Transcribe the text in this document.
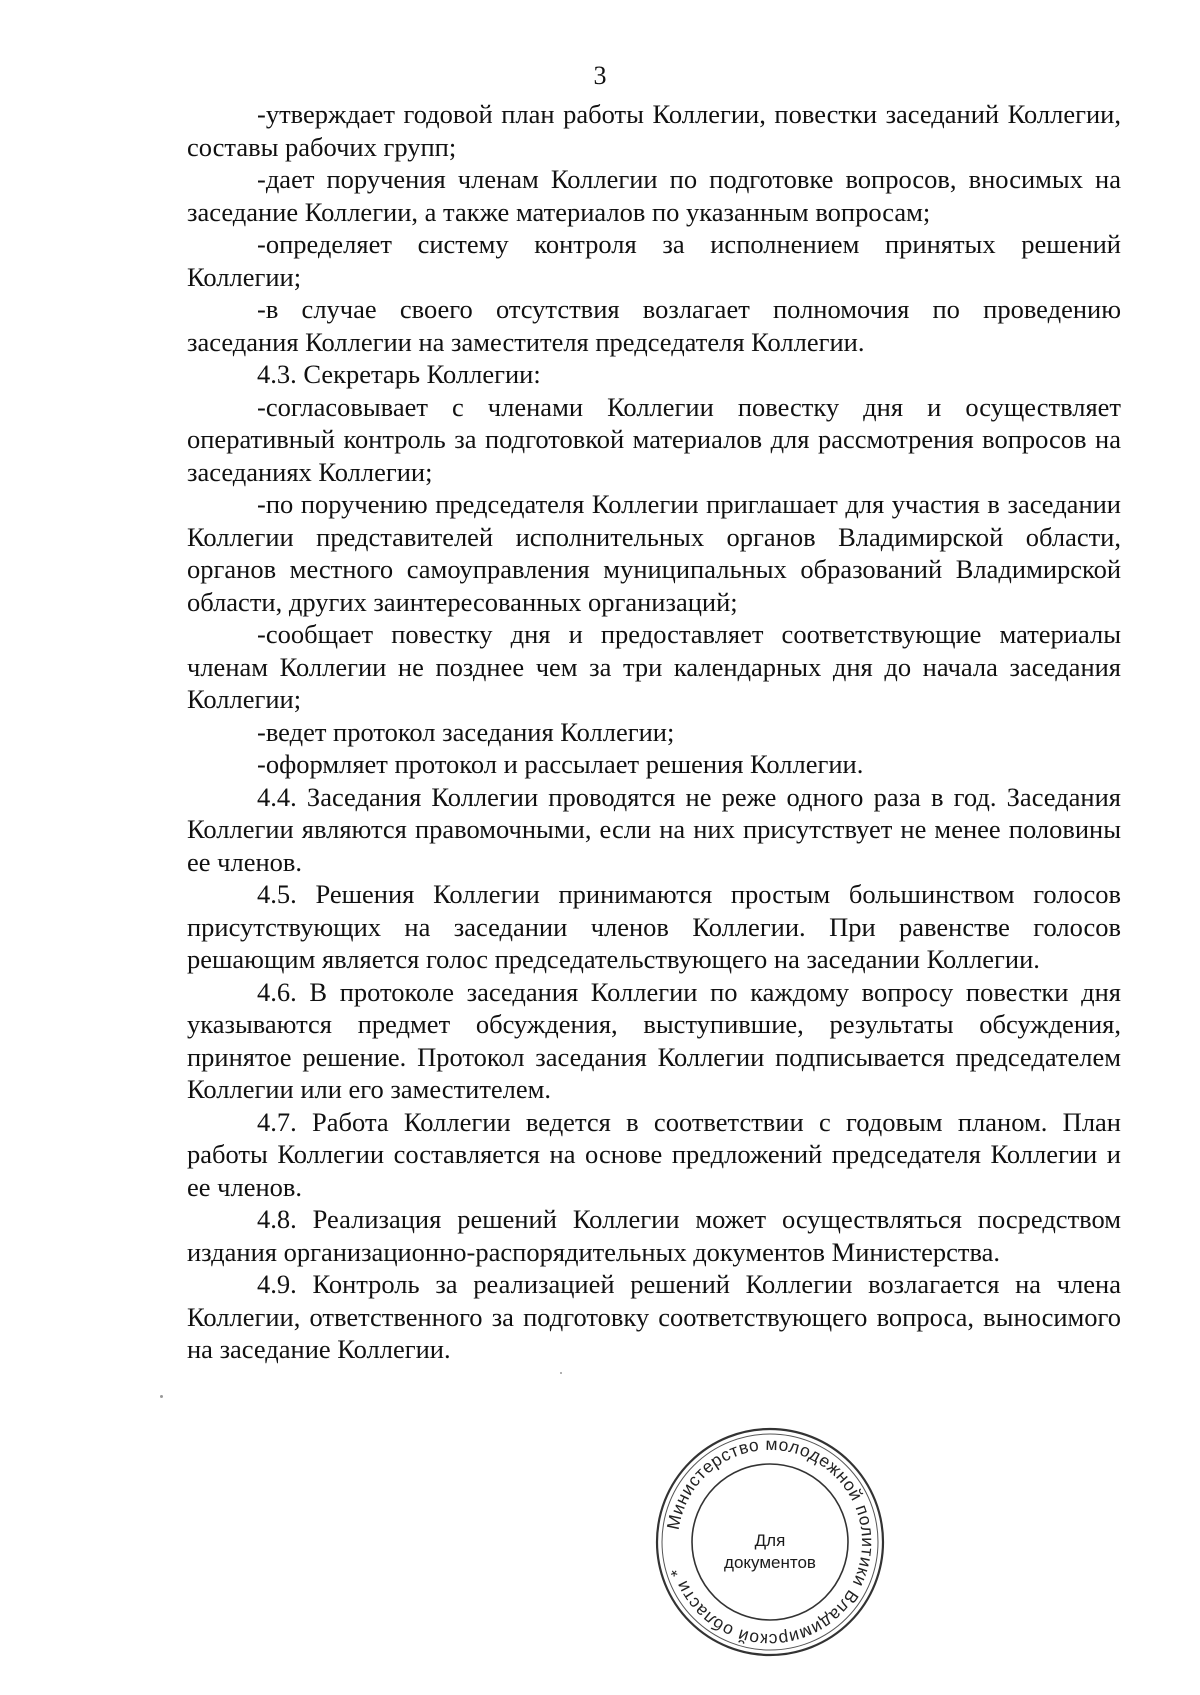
3

-утверждает годовой план работы Коллегии, повестки заседаний Коллегии, составы рабочих групп;

-дает поручения членам Коллегии по подготовке вопросов, вносимых на заседание Коллегии, а также материалов по указанным вопросам;

-определяет систему контроля за исполнением принятых решений Коллегии;

-в случае своего отсутствия возлагает полномочия по проведению заседания Коллегии на заместителя председателя Коллегии.

4.3. Секретарь Коллегии:

-согласовывает с членами Коллегии повестку дня и осуществляет оперативный контроль за подготовкой материалов для рассмотрения вопросов на заседаниях Коллегии;

-по поручению председателя Коллегии приглашает для участия в заседании Коллегии представителей исполнительных органов Владимирской области, органов местного самоуправления муниципальных образований Владимирской области, других заинтересованных организаций;

-сообщает повестку дня и предоставляет соответствующие материалы членам Коллегии не позднее чем за три календарных дня до начала заседания Коллегии;

-ведет протокол заседания Коллегии;

-оформляет протокол и рассылает решения Коллегии.

4.4. Заседания Коллегии проводятся не реже одного раза в год. Заседания Коллегии являются правомочными, если на них присутствует не менее половины ее членов.

4.5. Решения Коллегии принимаются простым большинством голосов присутствующих на заседании членов Коллегии. При равенстве голосов решающим является голос председательствующего на заседании Коллегии.

4.6. В протоколе заседания Коллегии по каждому вопросу повестки дня указываются предмет обсуждения, выступившие, результаты обсуждения, принятое решение. Протокол заседания Коллегии подписывается председателем Коллегии или его заместителем.

4.7. Работа Коллегии ведется в соответствии с годовым планом. План работы Коллегии составляется на основе предложений председателя Коллегии и ее членов.

4.8. Реализация решений Коллегии может осуществляться посредством издания организационно-распорядительных документов Министерства.

4.9. Контроль за реализацией решений Коллегии возлагается на члена Коллегии, ответственного за подготовку соответствующего вопроса, выносимого на заседание Коллегии.

Министерство молодежной политики Владимирской области *
Для
документов
